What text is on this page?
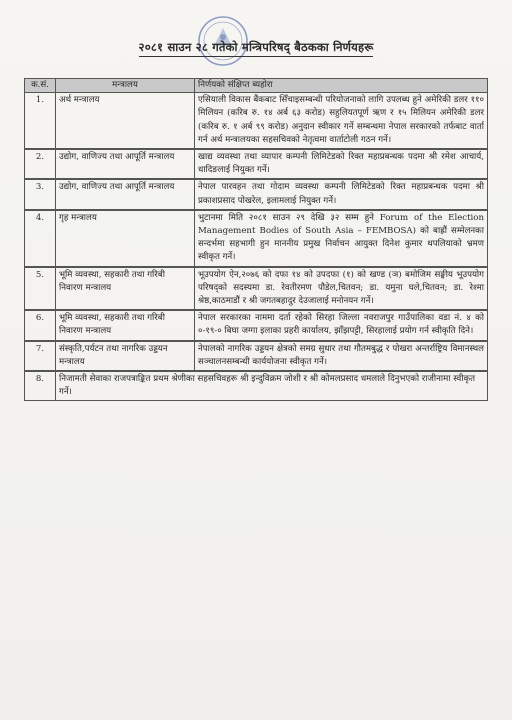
२०८१ साउन २८ गतेको मन्त्रिपरिषद् बैठकका निर्णयहरू
क.सं.	मन्त्रालय	निर्णयको संक्षिप्त ब्यहोरा
1.	अर्थ मन्त्रालय	एसियाली विकास बैंकबाट सिँचाइसम्बन्धी परियोजनाको लागि उपलब्ध हुने अमेरिकी डलर ११० मिलियन (करिब रु. १४ अर्ब ६३ करोड) सहुलियतपूर्ण ऋण र १५ मिलियन अमेरिकी डलर (करिब रु. १ अर्ब ९९ करोड) अनुदान स्वीकार गर्ने सम्बन्धमा नेपाल सरकारको तर्फबाट वार्ता गर्न अर्थ मन्त्रालयका सहसचिवको नेतृत्वमा वार्ताटोली गठन गर्ने।
2.	उद्योग, वाणिज्य तथा आपूर्ति मन्त्रालय	खाद्य व्यवस्था तथा व्यापार कम्पनी लिमिटेडको रिक्त महाप्रबन्धक पदमा श्री रमेश आचार्य, धादिङलाई नियुक्त गर्ने।
3.	उद्योग, वाणिज्य तथा आपूर्ति मन्त्रालय	नेपाल पारवहन तथा गोदाम व्यवस्था कम्पनी लिमिटेडको रिक्त महाप्रबन्धक पदमा श्री प्रकाशप्रसाद पोखरेल, इलामलाई नियुक्त गर्ने।
4.	गृह मन्त्रालय	भुटानमा मिति २०८१ साउन २९ देखि ३२ सम्म हुने Forum of the Election Management Bodies of South Asia – FEMBOSA) को बाह्रौं सम्मेलनका सन्दर्भमा सहभागी हुन माननीय प्रमुख निर्वाचन आयुक्त दिनेश कुमार थपलियाको भ्रमण स्वीकृत गर्ने।
5.	भूमि व्यवस्था, सहकारी तथा गरिबी निवारण मन्त्रालय	भूउपयोग ऐन,२०७६ को दफा १४ को उपदफा (१) को खण्ड (ञ) बमोजिम सङ्घीय भूउपयोग परिषद्को सदस्यमा डा. रेवतीरमण पौडेल,चितवन; डा. यमुना घले,चितवन; डा. रेश्मा श्रेष्ठ,काठमाडौं र श्री जगतबहादुर देउजालाई मनोनयन गर्ने।
6.	भूमि व्यवस्था, सहकारी तथा गरिबी निवारण मन्त्रालय	नेपाल सरकारका नाममा दर्ता रहेको सिरहा जिल्ला नवराजपुर गाउँपालिका वडा नं. ४ को ०-१९-० बिघा जग्गा इलाका प्रहरी कार्यालय, झाँझपट्टी, सिरहालाई प्रयोग गर्न स्वीकृति दिने।
7.	संस्कृति,पर्यटन तथा नागरिक उड्डयन मन्त्रालय	नेपालको नागरिक उड्डयन क्षेत्रको समग्र सुधार तथा गौतमबुद्ध र पोखरा अन्तर्राष्ट्रिय विमानस्थल सञ्चालनसम्बन्धी कार्ययोजना स्वीकृत गर्ने।
8.	निजामती सेवाका राजपत्राङ्कित प्रथम श्रेणीका सहसचिवहरू श्री इन्दुविक्रम जोशी र श्री कोमलप्रसाद धमलाले दिनुभएको राजीनामा स्वीकृत गर्ने।	
